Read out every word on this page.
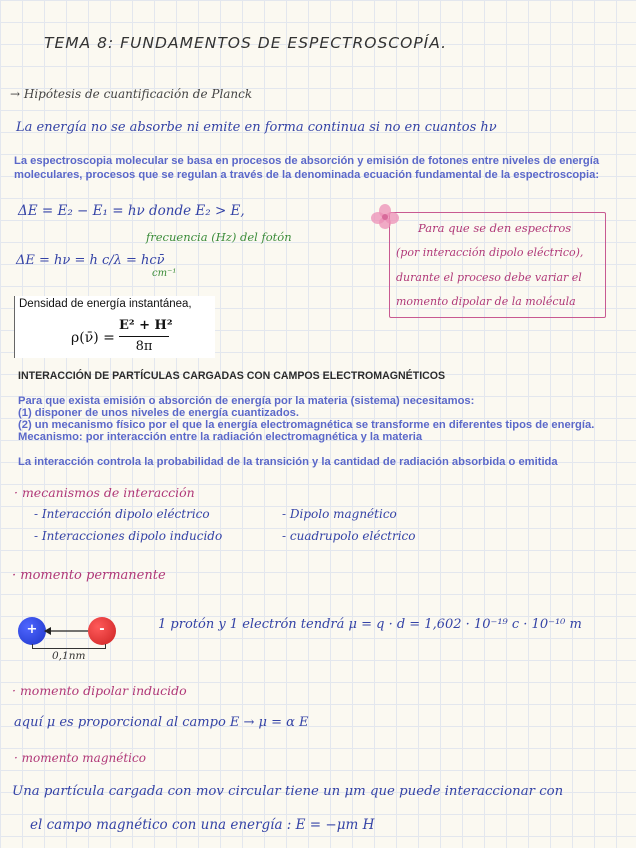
TEMA 8: FUNDAMENTOS DE ESPECTROSCOPÍA.
→ Hipótesis de cuantificación de Planck
La energía no se absorbe ni emite en forma continua si no en cuantos hν
La espectroscopia molecular se basa en procesos de absorción y emisión de fotones entre niveles de energía moleculares, procesos que se regulan a través de la denominada ecuación fundamental de la espectroscopia:
ΔE = E₂ − E₁ = hν donde E₂ > E,
frecuencia (Hz) del fotón
ΔE = hν = h c/λ = hcν̄
cm⁻¹
Para que se den espectros
(por interacción dipolo eléctrico),
durante el proceso debe variar el
momento dipolar de la molécula
Densidad de energía instantánea,
ρ(ν̄) =
E² + H²
8π
INTERACCIÓN DE PARTÍCULAS CARGADAS CON CAMPOS ELECTROMAGNÉTICOS
Para que exista emisión o absorción de energía por la materia (sistema) necesitamos:
(1) disponer de unos niveles de energía cuantizados.
(2) un mecanismo físico por el que la energía electromagnética se transforme en diferentes tipos de energía.
Mecanismo: por interacción entre la radiación electromagnética y la materia
La interacción controla la probabilidad de la transición y la cantidad de radiación absorbida o emitida
· mecanismos de interacción
- Interacción dipolo eléctrico	- Dipolo magnético
- Interacciones dipolo inducido	- cuadrupolo eléctrico
· momento permanente
+	-
0,1nm
1 protón y 1 electrón tendrá μ = q · d = 1,602 · 10⁻¹⁹ c · 10⁻¹⁰ m
· momento dipolar inducido
aquí μ es proporcional al campo E → μ = α E
· momento magnético
Una partícula cargada con mov circular tiene un μm que puede interaccionar con
el campo magnético con una energía : E = −μm H
